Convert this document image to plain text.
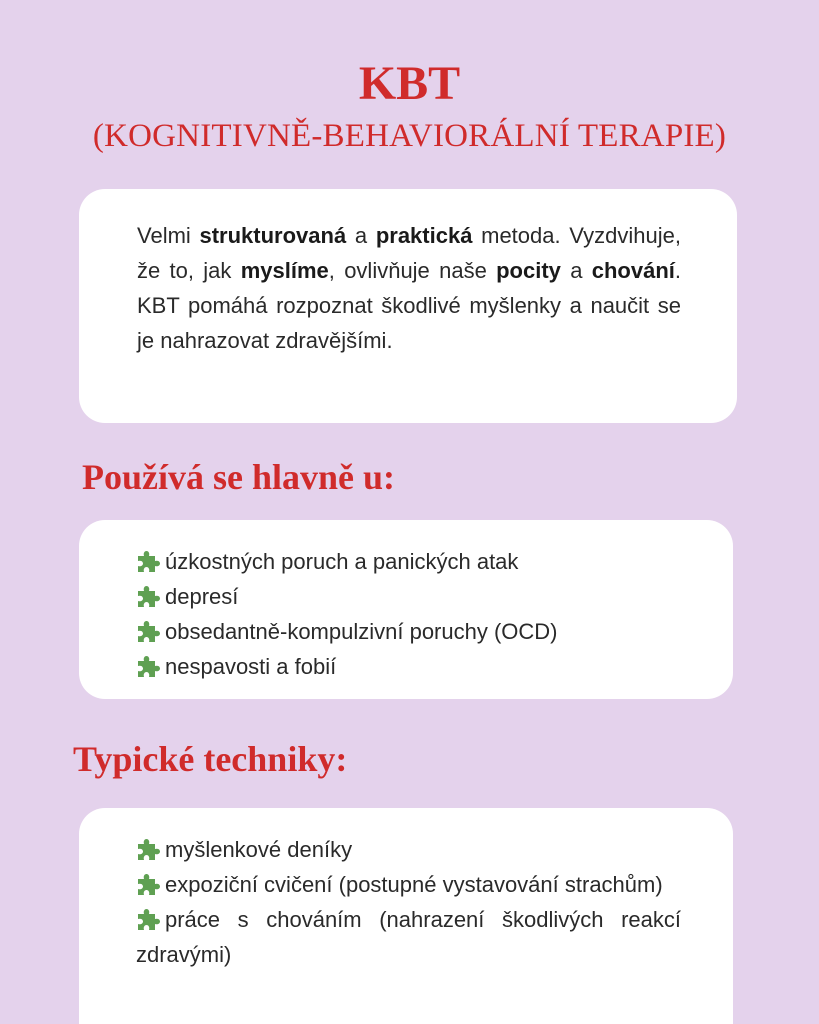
KBT
(KOGNITIVNĚ-BEHAVIORÁLNÍ TERAPIE)

Velmi strukturovaná a praktická metoda. Vyzdvihuje, že to, jak myslíme, ovlivňuje naše pocity a chování. KBT pomáhá rozpoznat škodlivé myšlenky a naučit se je nahrazovat zdravějšími.

Používá se hlavně u:
úzkostných poruch a panických atak
depresí
obsedantně-kompulzivní poruchy (OCD)
nespavosti a fobií
Typické techniky:
myšlenkové deníky
expoziční cvičení (postupné vystavování strachům)
práce s chováním (nahrazení škodlivých reakcí zdravými)
